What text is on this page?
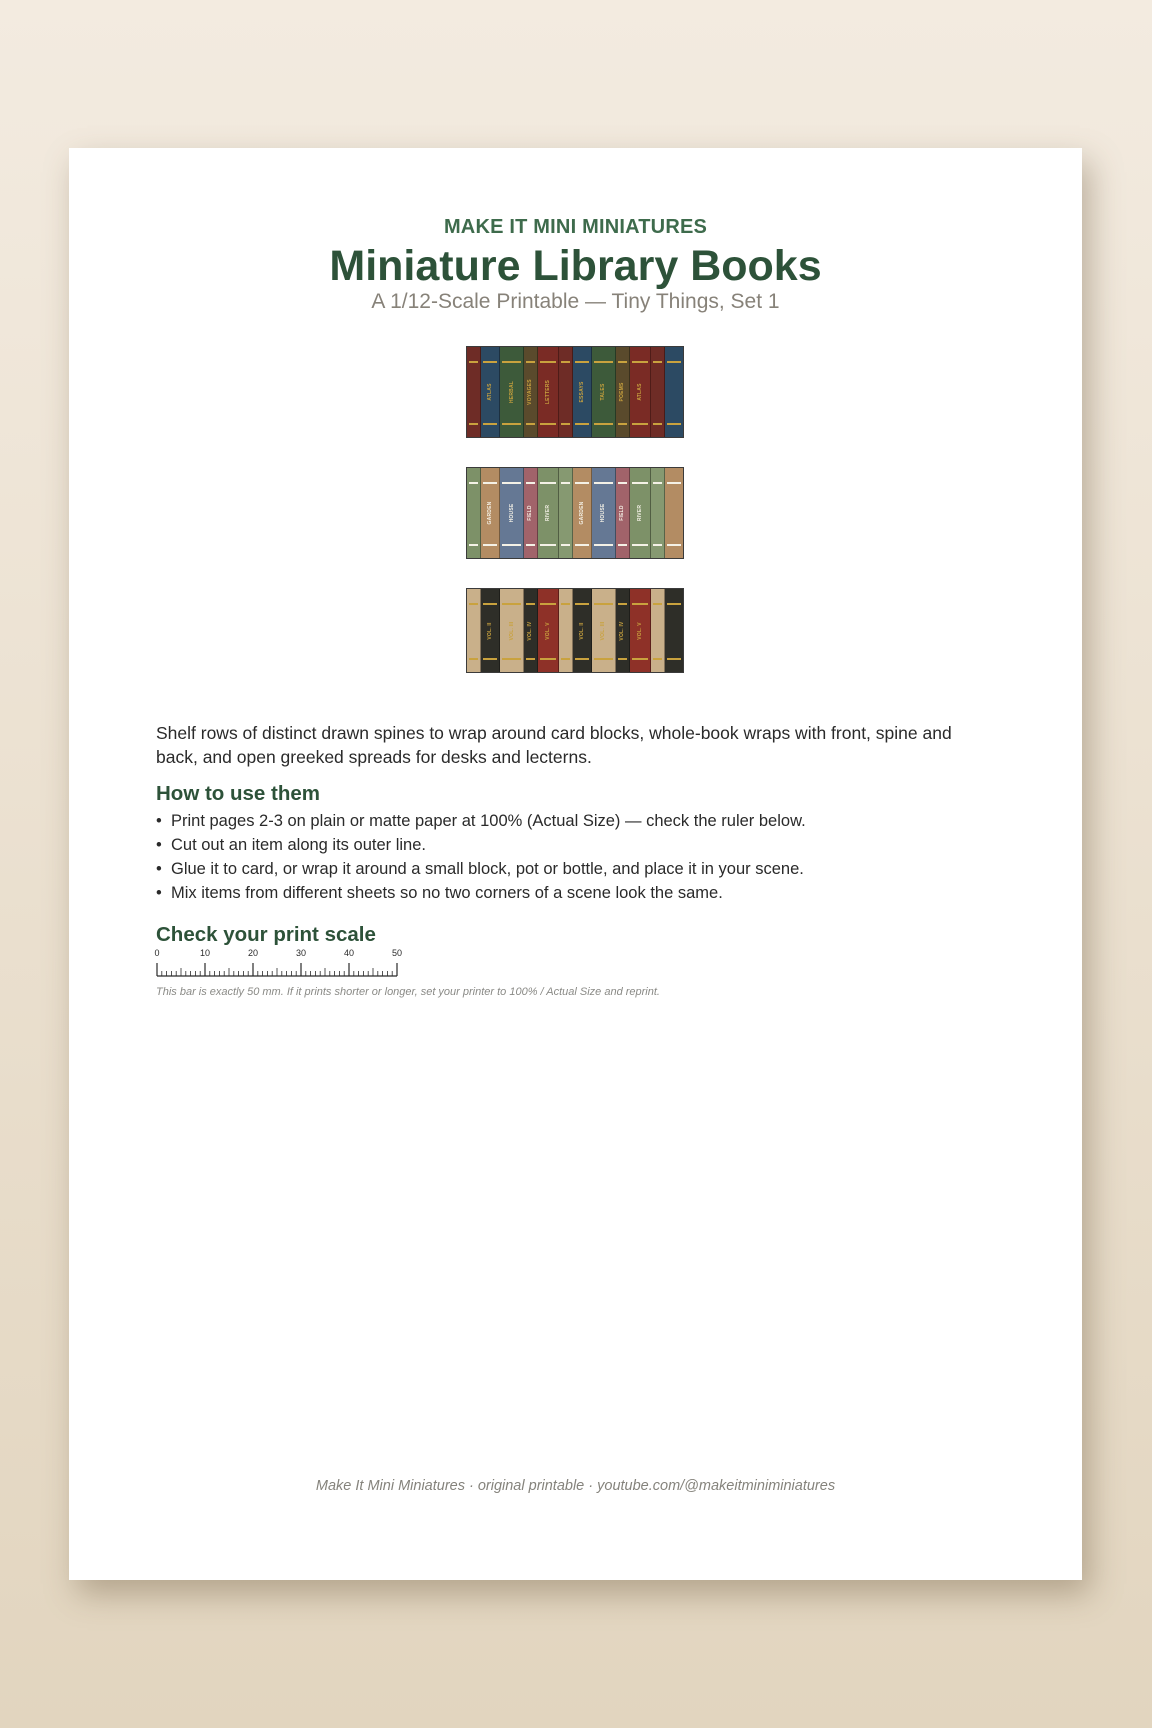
MAKE IT MINI MINIATURES
Miniature Library Books
A 1/12-Scale Printable — Tiny Things, Set 1
ATLAS	HERBAL	VOYAGES LETTERS	ESSAYS	TALES	POEMS ATLAS
GARDEN	HOUSE	FIELD RIVER	GARDEN	HOUSE	FIELD RIVER
VOL. II	VOL. III	VOL. IV VOL. V	VOL. II	VOL. III	VOL. IV VOL. V
Shelf rows of distinct drawn spines to wrap around card blocks, whole-book wraps with front, spine and back, and open greeked spreads for desks and lecterns.
How to use them
• Print pages 2-3 on plain or matte paper at 100% (Actual Size) — check the ruler below.
• Cut out an item along its outer line.
• Glue it to card, or wrap it around a small block, pot or bottle, and place it in your scene.
• Mix items from different sheets so no two corners of a scene look the same.
Check your print scale
0	10	20	30	40	50
This bar is exactly 50 mm. If it prints shorter or longer, set your printer to 100% / Actual Size and reprint.
Make It Mini Miniatures · original printable · youtube.com/@makeitminiminiatures
